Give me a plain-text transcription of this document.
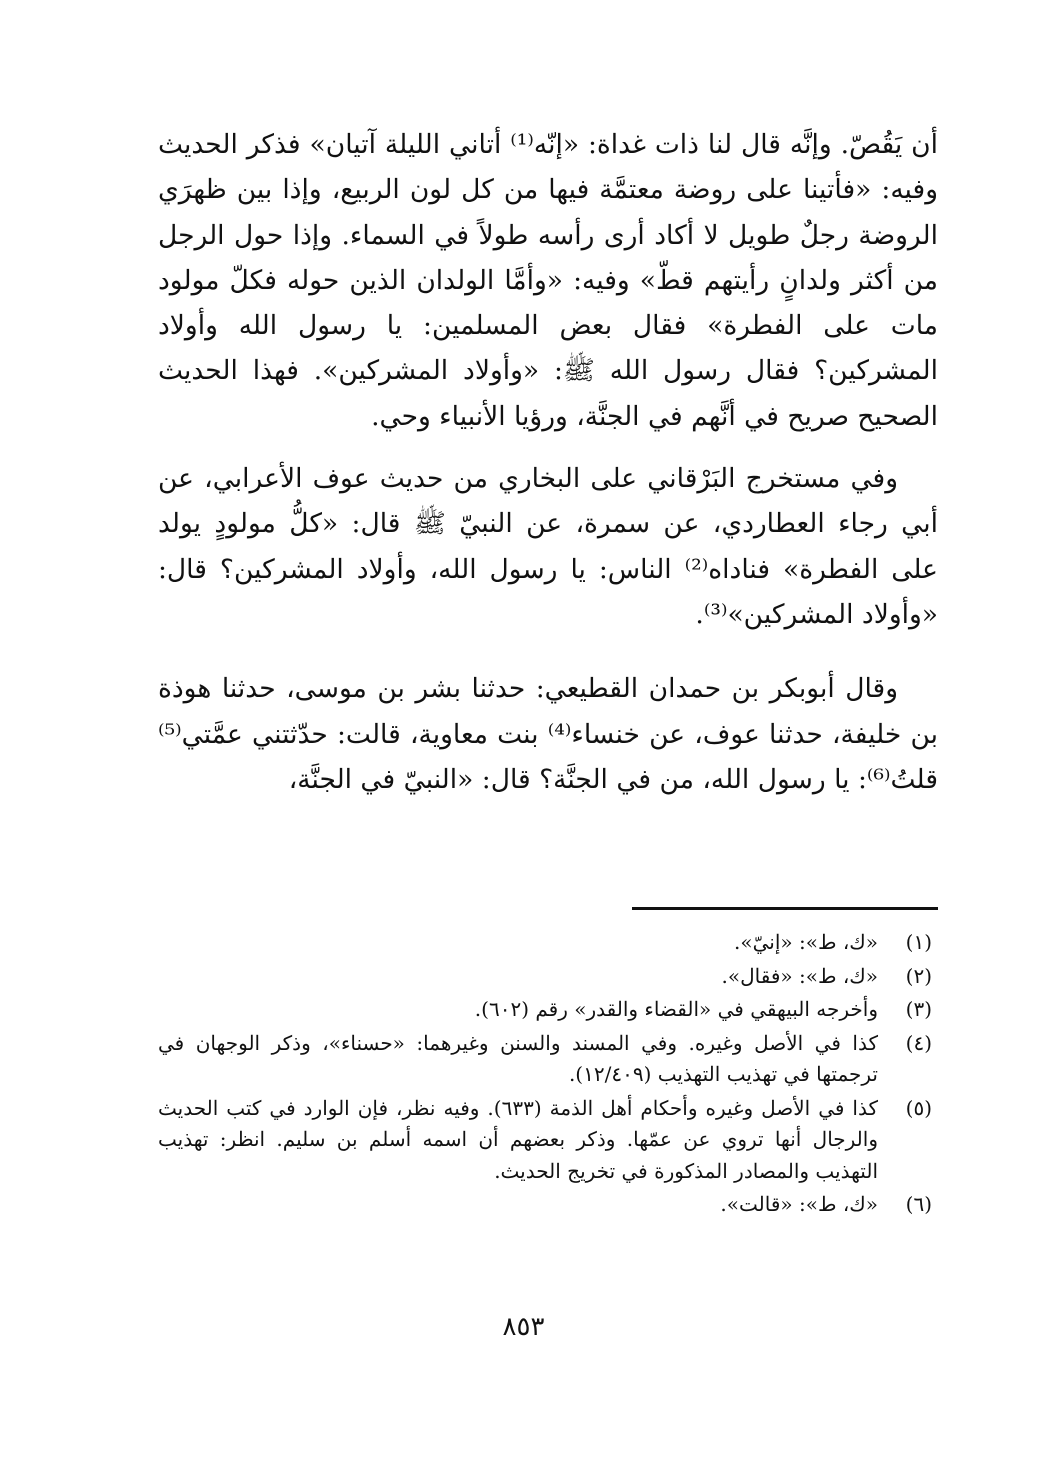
أن يَقُصّ. وإنَّه قال لنا ذات غداة: «إنّه⁽¹⁾ أتاني الليلة آتيان» فذكر الحديث وفيه: «فأتينا على روضة معتمَّة فيها من كل لون الربيع، وإذا بين ظهرَي الروضة رجلٌ طويل لا أكاد أرى رأسه طولاً في السماء. وإذا حول الرجل من أكثر ولدانٍ رأيتهم قطّ» وفيه: «وأمَّا الولدان الذين حوله فكلّ مولود مات على الفطرة» فقال بعض المسلمين: يا رسول الله وأولاد المشركين؟ فقال رسول الله ﷺ: «وأولاد المشركين». فهذا الحديث الصحيح صريح في أنَّهم في الجنَّة، ورؤيا الأنبياء وحي.

وفي مستخرج البَرْقاني على البخاري من حديث عوف الأعرابي، عن أبي رجاء العطاردي، عن سمرة، عن النبيّ ﷺ قال: «كلُّ مولودٍ يولد على الفطرة» فناداه⁽²⁾ الناس: يا رسول الله، وأولاد المشركين؟ قال: «وأولاد المشركين»⁽³⁾.

وقال أبوبكر بن حمدان القطيعي: حدثنا بشر بن موسى، حدثنا هوذة بن خليفة، حدثنا عوف، عن خنساء⁽⁴⁾ بنت معاوية، قالت: حدّثتني عمَّتي⁽⁵⁾ قلتُ⁽⁶⁾: يا رسول الله، من في الجنَّة؟ قال: «النبيّ في الجنَّة،

(١)
«ك، ط»: «إنيّ».
(٢)
«ك، ط»: «فقال».
(٣)
وأخرجه البيهقي في «القضاء والقدر» رقم (٦٠٢).
(٤)
كذا في الأصل وغيره. وفي المسند والسنن وغيرهما: «حسناء»، وذكر الوجهان في ترجمتها في تهذيب التهذيب (١٢/٤٠٩).
(٥)
كذا في الأصل وغيره وأحكام أهل الذمة (٦٣٣). وفيه نظر، فإن الوارد في كتب الحديث والرجال أنها تروي عن عمّها. وذكر بعضهم أن اسمه أسلم بن سليم. انظر: تهذيب التهذيب والمصادر المذكورة في تخريج الحديث.
(٦)
«ك، ط»: «قالت».
٨٥٣
